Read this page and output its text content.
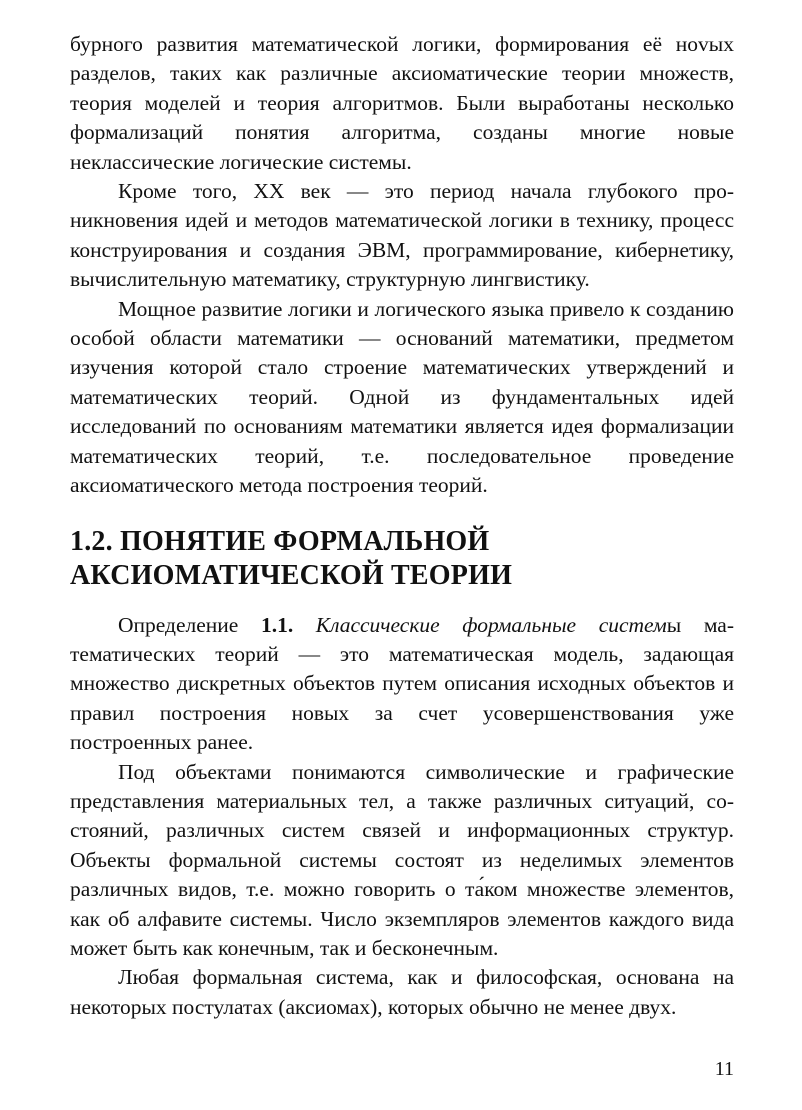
бурного развития математической логики, формирования её ноvых разделов, таких как различные аксиоматические теории множеств, теория моделей и теория алгоритмов. Были выработаны несколько формализаций понятия алгоритма, созданы многие новые неклассические логические системы.

Кроме того, XX век — это период начала глубокого проникновения идей и методов математической логики в технику, процесс конструирования и создания ЭВМ, программирование, кибернетику, вычислительную математику, структурную лингвистику.

Мощное развитие логики и логического языка привело к созданию особой области математики — оснований математики, предметом изучения которой стало строение математических утверждений и математических теорий. Одной из фундаментальных идей исследований по основаниям математики является идея формализации математических теорий, т.е. последовательное проведение аксиоматического метода построения теорий.

1.2. ПОНЯТИЕ ФОРМАЛЬНОЙ
АКСИОМАТИЧЕСКОЙ ТЕОРИИ

Определение 1.1. Классические формальные системы математических теорий — это математическая модель, задающая множество дискретных объектов путем описания исходных объектов и правил построения новых за счет усовершенствования уже построенных ранее.

Под объектами понимаются символические и графические представления материальных тел, а также различных ситуаций, состояний, различных систем связей и информационных структур. Объекты формальной системы состоят из неделимых элементов различных видов, т.е. можно говорить о та́ком множестве элементов, как об алфавите системы. Число экземпляров элементов каждого вида может быть как конечным, так и бесконечным.

Любая формальная система, как и философская, основана на некоторых постулатах (аксиомах), которых обычно не менее двух.

11
